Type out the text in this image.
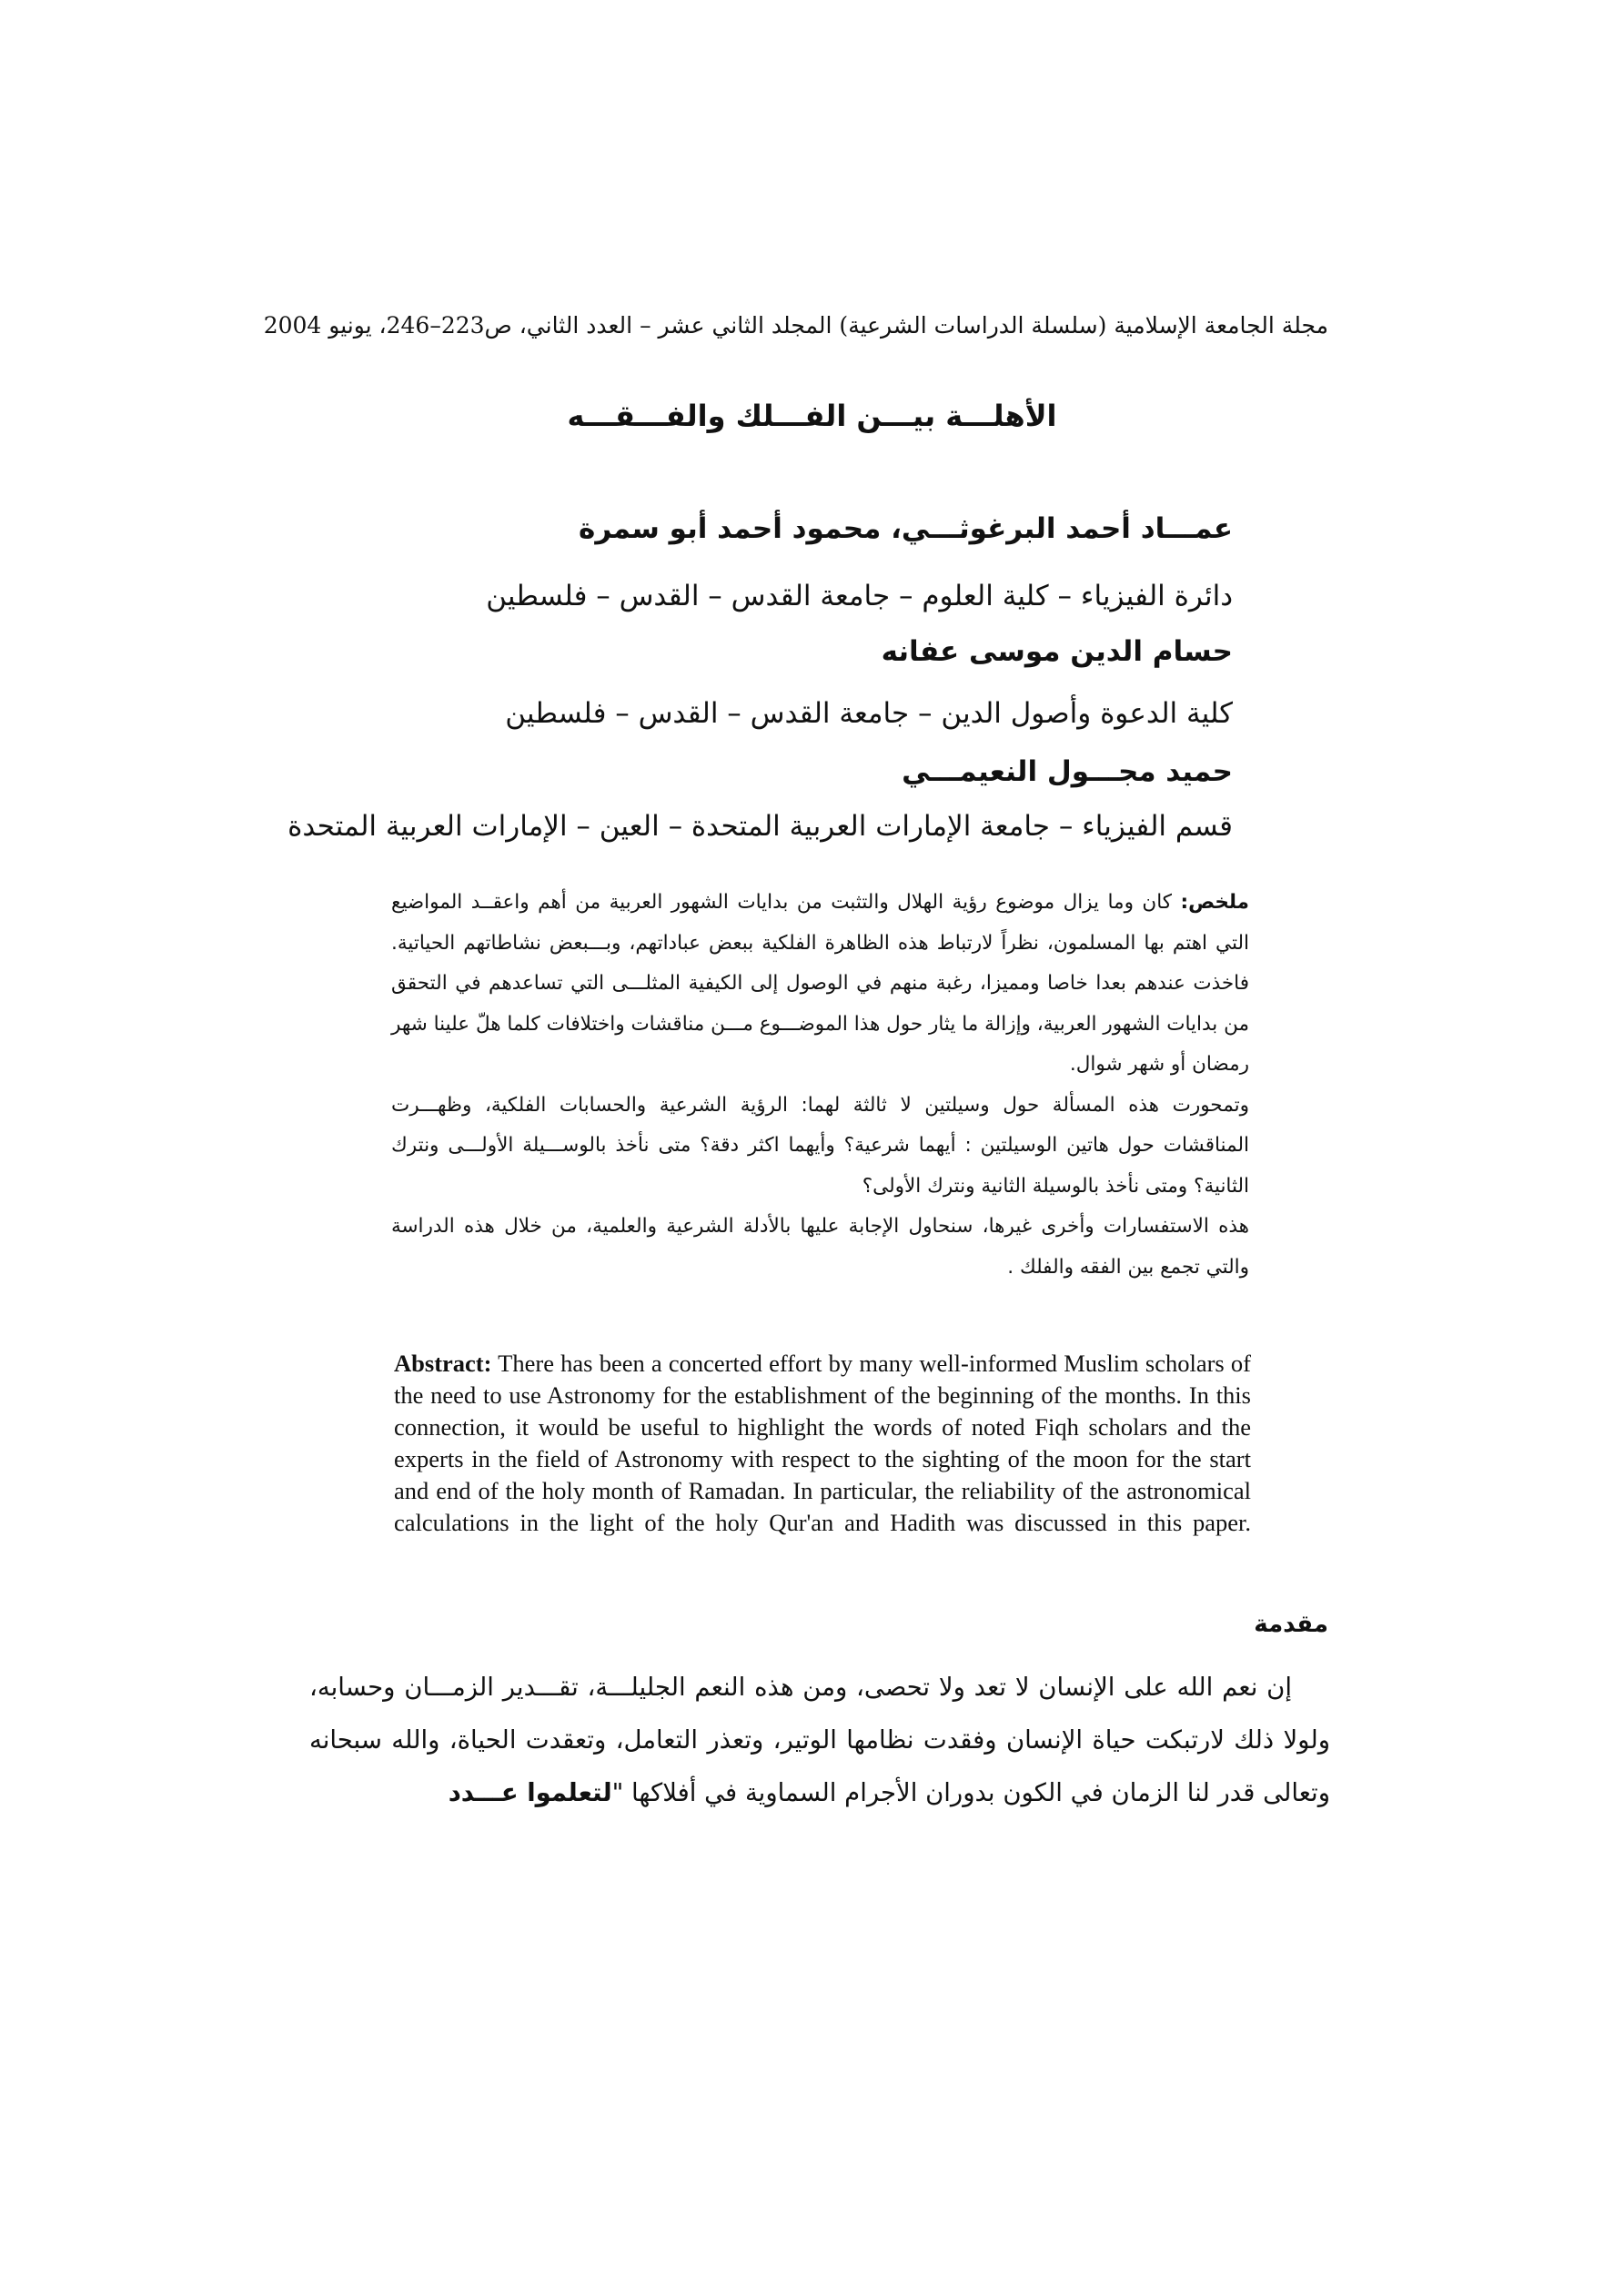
مجلة الجامعة الإسلامية (سلسلة الدراسات الشرعية) المجلد الثاني عشر – العدد الثاني، ص223–246، يونيو 2004
الأهلـــة بيـــن الفـــلك والفـــقـــه
عمـــاد أحمد البرغوثـــي، محمود أحمد أبو سمرة
دائرة الفيزياء – كلية العلوم – جامعة القدس – القدس – فلسطين
حسام الدين موسى عفانه
كلية الدعوة وأصول الدين – جامعة القدس – القدس – فلسطين
حميد مجـــول النعيمـــي
قسم الفيزياء – جامعة الإمارات العربية المتحدة – العين – الإمارات العربية المتحدة

ملخص: كان وما يزال موضوع رؤية الهلال والتثبت من بدايات الشهور العربية من أهم واعقــد المواضيع التي اهتم بها المسلمون، نظراً لارتباط هذه الظاهرة الفلكية ببعض عباداتهم، وبـــبعض نشاطاتهم الحياتية. فاخذت عندهم بعدا خاصا ومميزا، رغبة منهم في الوصول إلى الكيفية المثلـــى التي تساعدهم في التحقق من بدايات الشهور العربية، وإزالة ما يثار حول هذا الموضـــوع مـــن مناقشات واختلافات كلما هلّ علينا شهر رمضان أو شهر شوال.

وتمحورت هذه المسألة حول وسيلتين لا ثالثة لهما: الرؤية الشرعية والحسابات الفلكية، وظهـــرت المناقشات حول هاتين الوسيلتين : أيهما شرعية؟ وأيهما اكثر دقة؟ متى نأخذ بالوســـيلة الأولـــى ونترك الثانية؟ ومتى نأخذ بالوسيلة الثانية ونترك الأولى؟

هذه الاستفسارات وأخرى غيرها، سنحاول الإجابة عليها بالأدلة الشرعية والعلمية، من خلال هذه الدراسة والتي تجمع بين الفقه والفلك .

Abstract: There has been a concerted effort by many well-informed Muslim scholars of the need to use Astronomy for the establishment of the beginning of the months. In this connection, it would be useful to highlight the words of noted Fiqh scholars and the experts in the field of Astronomy with respect to the sighting of the moon for the start and end of the holy month of Ramadan. In particular, the reliability of the astronomical calculations in the light of the holy Qur'an and Hadith was discussed in this paper.
مقدمة

إن نعم الله على الإنسان لا تعد ولا تحصى، ومن هذه النعم الجليلـــة، تقـــدير الزمـــان وحسابه، ولولا ذلك لارتبكت حياة الإنسان وفقدت نظامها الوتير، وتعذر التعامل، وتعقدت الحياة، والله سبحانه وتعالى قدر لنا الزمان في الكون بدوران الأجرام السماوية في أفلاكها "لتعلموا عـــدد
